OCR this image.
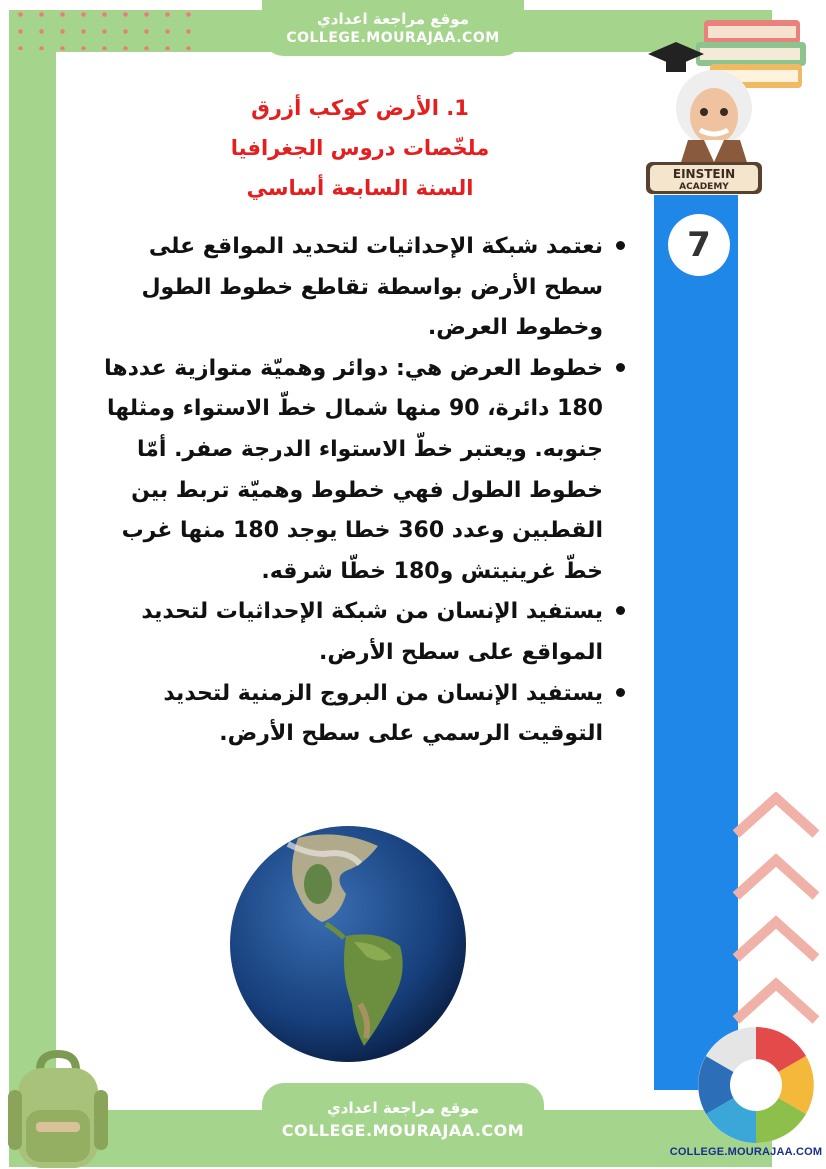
موقع مراجعة اعدادي
COLLEGE.MOURAJAA.COM
7
EINSTEIN
ACADEMY
1. الأرض كوكب أزرق
ملخّصات دروس الجغرافيا
السنة السابعة أساسي
نعتمد شبكة الإحداثيات لتحديد المواقع على سطح الأرض بواسطة تقاطع خطوط الطول وخطوط العرض.
خطوط العرض هي: دوائر وهميّة متوازية عددها 180 دائرة، 90 منها شمال خطّ الاستواء ومثلها جنوبه. ويعتبر خطّ الاستواء الدرجة صفر. أمّا خطوط الطول فهي خطوط وهميّة تربط بين القطبين وعدد 360 خطا يوجد 180 منها غرب خطّ غرينيتش و180 خطّا شرقه.
يستفيد الإنسان من شبكة الإحداثيات لتحديد المواقع على سطح الأرض.
يستفيد الإنسان من البروج الزمنية لتحديد التوقيت الرسمي على سطح الأرض.
موقع مراجعة اعدادي
COLLEGE.MOURAJAA.COM
COLLEGE.MOURAJAA.COM
